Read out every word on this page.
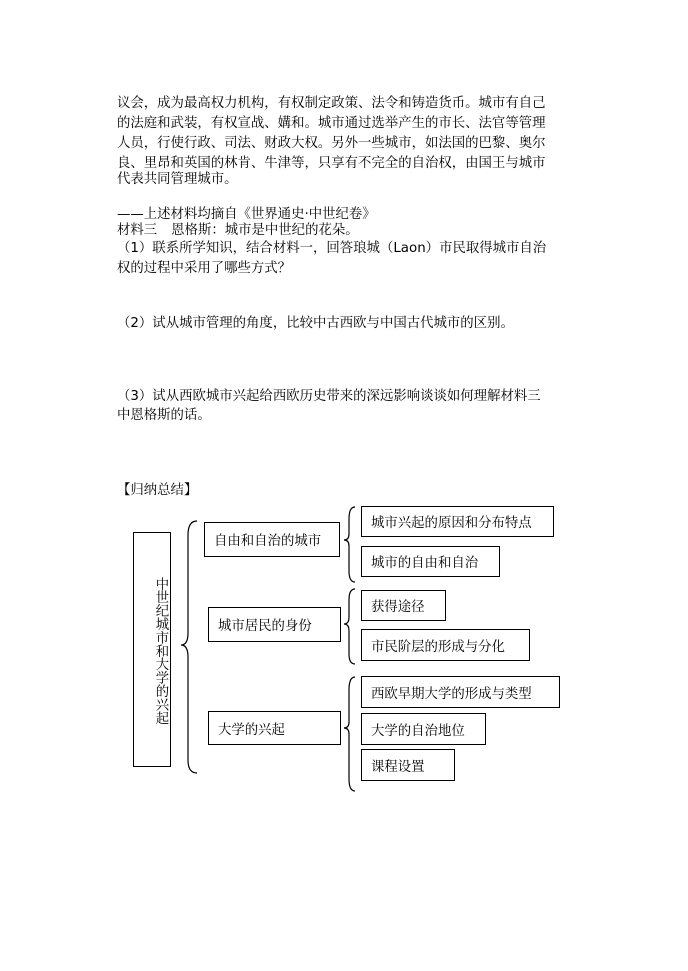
议会，成为最高权力机构，有权制定政策、法令和铸造货币。城市有自己
的法庭和武装，有权宣战、媾和。城市通过选举产生的市长、法官等管理
人员，行使行政、司法、财政大权。另外一些城市，如法国的巴黎、奥尔
良、里昂和英国的林肯、牛津等，只享有不完全的自治权，由国王与城市
代表共同管理城市。
——上述材料均摘自《世界通史·中世纪卷》
材料三 恩格斯：城市是中世纪的花朵。
（1）联系所学知识，结合材料一，回答琅城（Laon）市民取得城市自治
权的过程中采用了哪些方式？
（2）试从城市管理的角度，比较中古西欧与中国古代城市的区别。
（3）试从西欧城市兴起给西欧历史带来的深远影响谈谈如何理解材料三
中恩格斯的话。
【归纳总结】
中世纪城市和大学的兴起
自由和自治的城市
城市居民的身份
大学的兴起
城市兴起的原因和分布特点
城市的自由和自治
获得途径
市民阶层的形成与分化
西欧早期大学的形成与类型
大学的自治地位
课程设置
